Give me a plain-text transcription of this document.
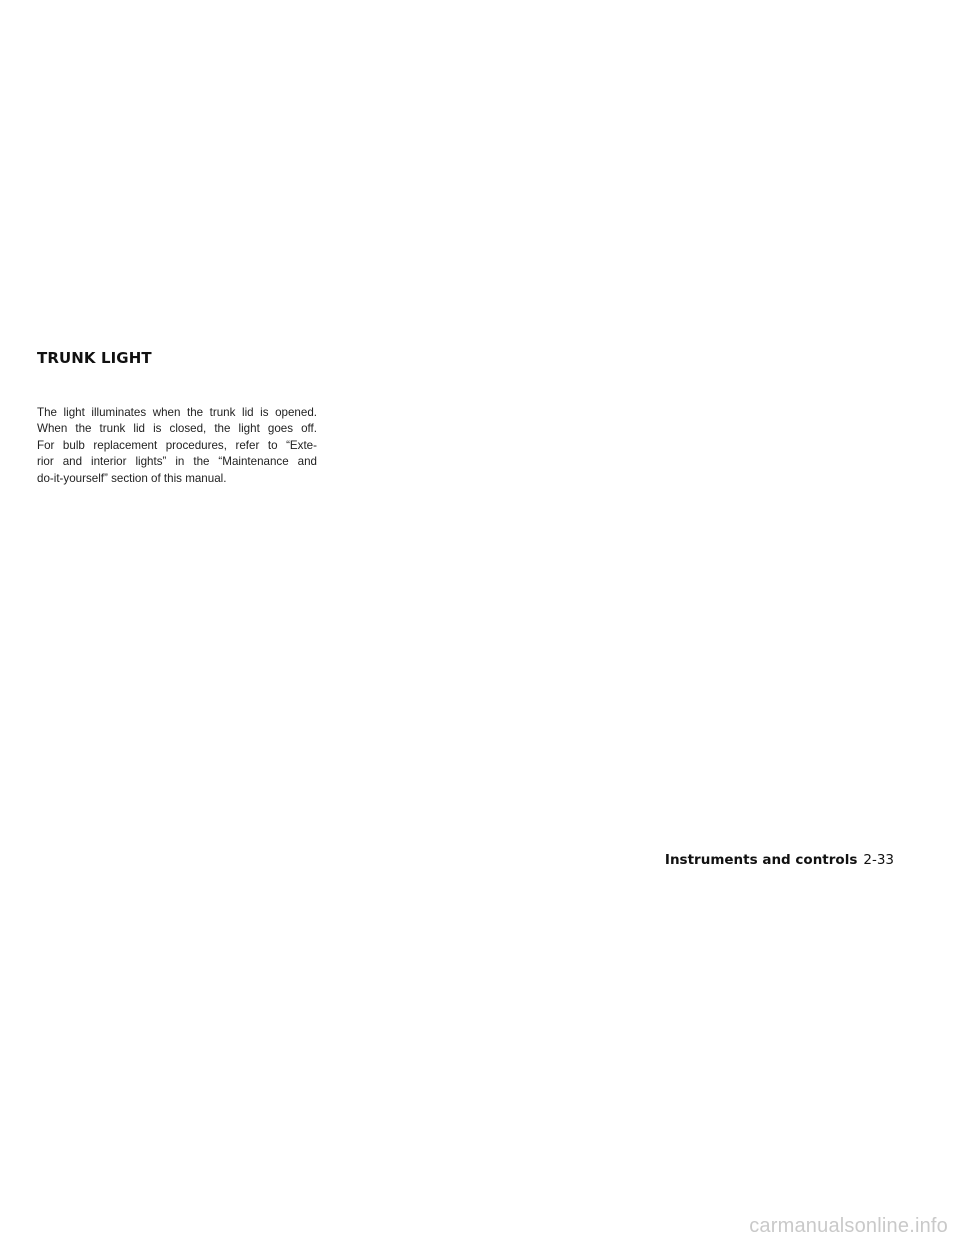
TRUNK LIGHT

The light illuminates when the trunk lid is opened.
When the trunk lid is closed, the light goes off.
For bulb replacement procedures, refer to “Exte-
rior and interior lights” in the “Maintenance and
do-it-yourself” section of this manual.

Instruments and controls 2-33
carmanualsonline.info
